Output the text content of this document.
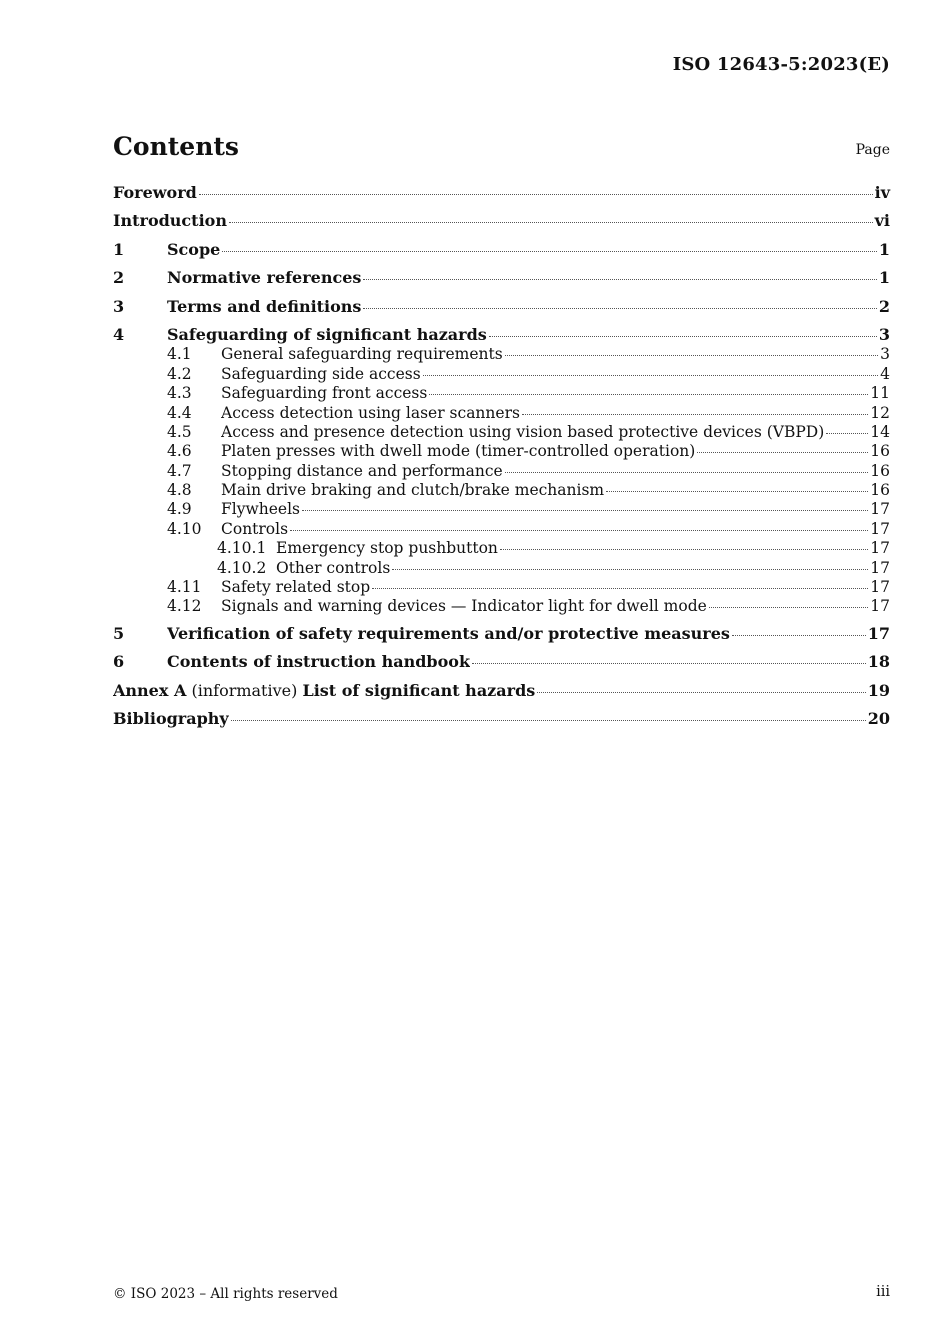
ISO 12643-5:2023(E)
Contents	Page
Foreword	iv
Introduction	vi
1	Scope	1
2	Normative references	1
3	Terms and definitions	2
4	Safeguarding of significant hazards	3
4.1	General safeguarding requirements	3
4.2	Safeguarding side access	4
4.3	Safeguarding front access	11
4.4	Access detection using laser scanners	12
4.5	Access and presence detection using vision based protective devices (VBPD)	14
4.6	Platen presses with dwell mode (timer-controlled operation)	16
4.7	Stopping distance and performance	16
4.8	Main drive braking and clutch/brake mechanism	16
4.9	Flywheels	17
4.10	Controls	17
4.10.1 Emergency stop pushbutton	17
4.10.2 Other controls	17
4.11	Safety related stop	17
4.12	Signals and warning devices — Indicator light for dwell mode	17
5	Verification of safety requirements and/or protective measures	17
6	Contents of instruction handbook	18
Annex A (informative) List of significant hazards	19
Bibliography	20
© ISO 2023 – All rights reserved	iii
